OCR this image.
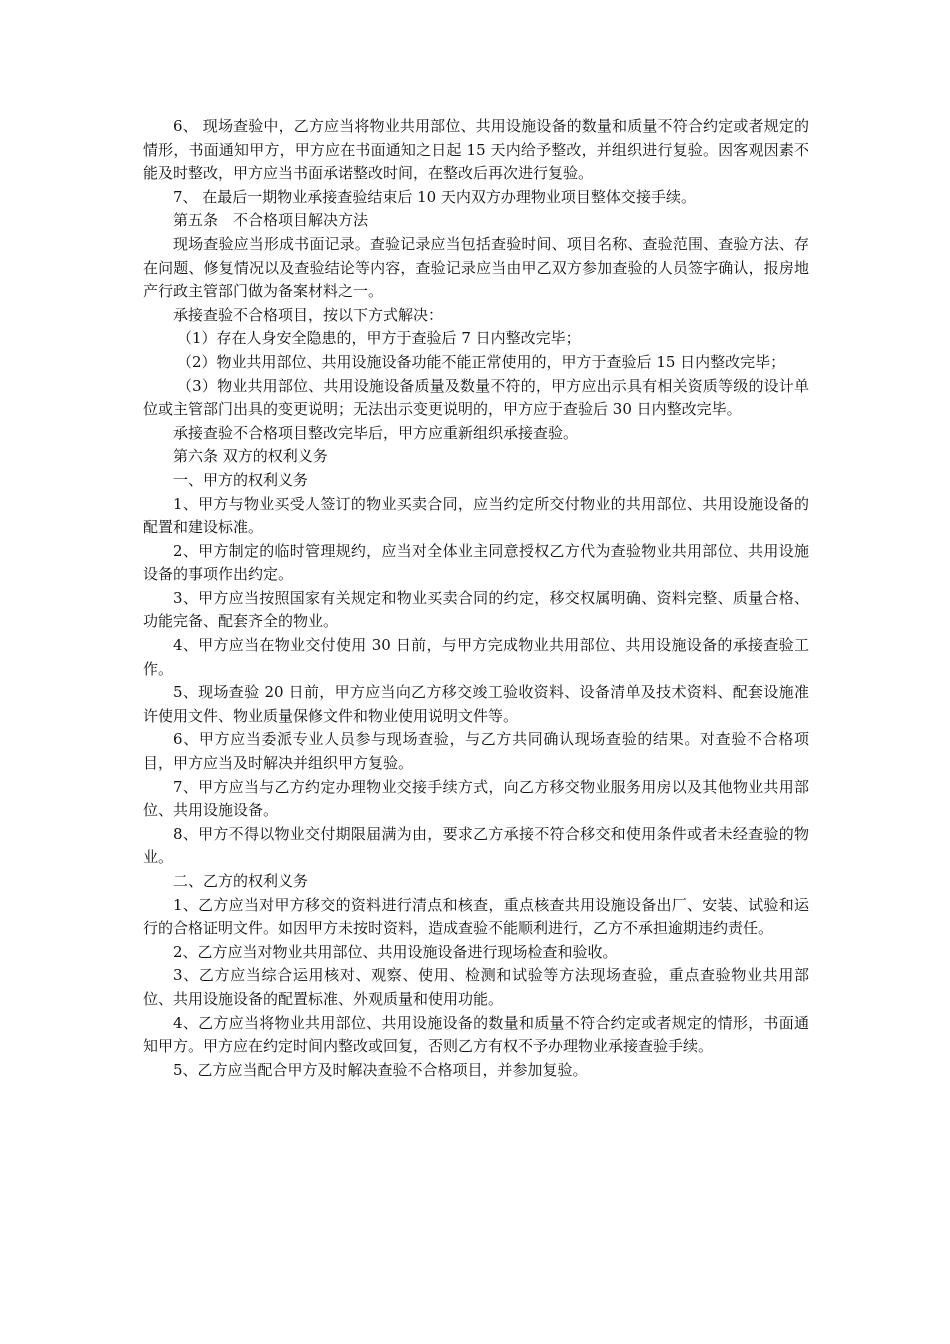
6、 现场查验中，乙方应当将物业共用部位、共用设施设备的数量和质量不符合约定或者规定的情形，书面通知甲方，甲方应在书面通知之日起 15 天内给予整改，并组织进行复验。因客观因素不能及时整改，甲方应当书面承诺整改时间，在整改后再次进行复验。

7、 在最后一期物业承接查验结束后 10 天内双方办理物业项目整体交接手续。

第五条　不合格项目解决方法

现场查验应当形成书面记录。查验记录应当包括查验时间、项目名称、查验范围、查验方法、存在问题、修复情况以及查验结论等内容，查验记录应当由甲乙双方参加查验的人员签字确认，报房地产行政主管部门做为备案材料之一。

承接查验不合格项目，按以下方式解决：

（1）存在人身安全隐患的，甲方于查验后 7 日内整改完毕；

（2）物业共用部位、共用设施设备功能不能正常使用的，甲方于查验后 15 日内整改完毕；

（3）物业共用部位、共用设施设备质量及数量不符的，甲方应出示具有相关资质等级的设计单位或主管部门出具的变更说明；无法出示变更说明的，甲方应于查验后 30 日内整改完毕。

承接查验不合格项目整改完毕后，甲方应重新组织承接查验。

第六条 双方的权利义务

一、甲方的权利义务

1、甲方与物业买受人签订的物业买卖合同，应当约定所交付物业的共用部位、共用设施设备的配置和建设标准。

2、甲方制定的临时管理规约，应当对全体业主同意授权乙方代为查验物业共用部位、共用设施设备的事项作出约定。

3、甲方应当按照国家有关规定和物业买卖合同的约定，移交权属明确、资料完整、质量合格、功能完备、配套齐全的物业。

4、甲方应当在物业交付使用 30 日前，与甲方完成物业共用部位、共用设施设备的承接查验工作。

5、现场查验 20 日前，甲方应当向乙方移交竣工验收资料、设备清单及技术资料、配套设施准许使用文件、物业质量保修文件和物业使用说明文件等。

6、甲方应当委派专业人员参与现场查验，与乙方共同确认现场查验的结果。对查验不合格项目，甲方应当及时解决并组织甲方复验。

7、甲方应当与乙方约定办理物业交接手续方式，向乙方移交物业服务用房以及其他物业共用部位、共用设施设备。

8、甲方不得以物业交付期限届满为由，要求乙方承接不符合移交和使用条件或者未经查验的物业。

二、乙方的权利义务

1、乙方应当对甲方移交的资料进行清点和核查，重点核查共用设施设备出厂、安装、试验和运行的合格证明文件。如因甲方未按时资料，造成查验不能顺利进行，乙方不承担逾期违约责任。

2、乙方应当对物业共用部位、共用设施设备进行现场检查和验收。

3、乙方应当综合运用核对、观察、使用、检测和试验等方法现场查验，重点查验物业共用部位、共用设施设备的配置标准、外观质量和使用功能。

4、乙方应当将物业共用部位、共用设施设备的数量和质量不符合约定或者规定的情形，书面通知甲方。甲方应在约定时间内整改或回复，否则乙方有权不予办理物业承接查验手续。

5、乙方应当配合甲方及时解决查验不合格项目，并参加复验。
